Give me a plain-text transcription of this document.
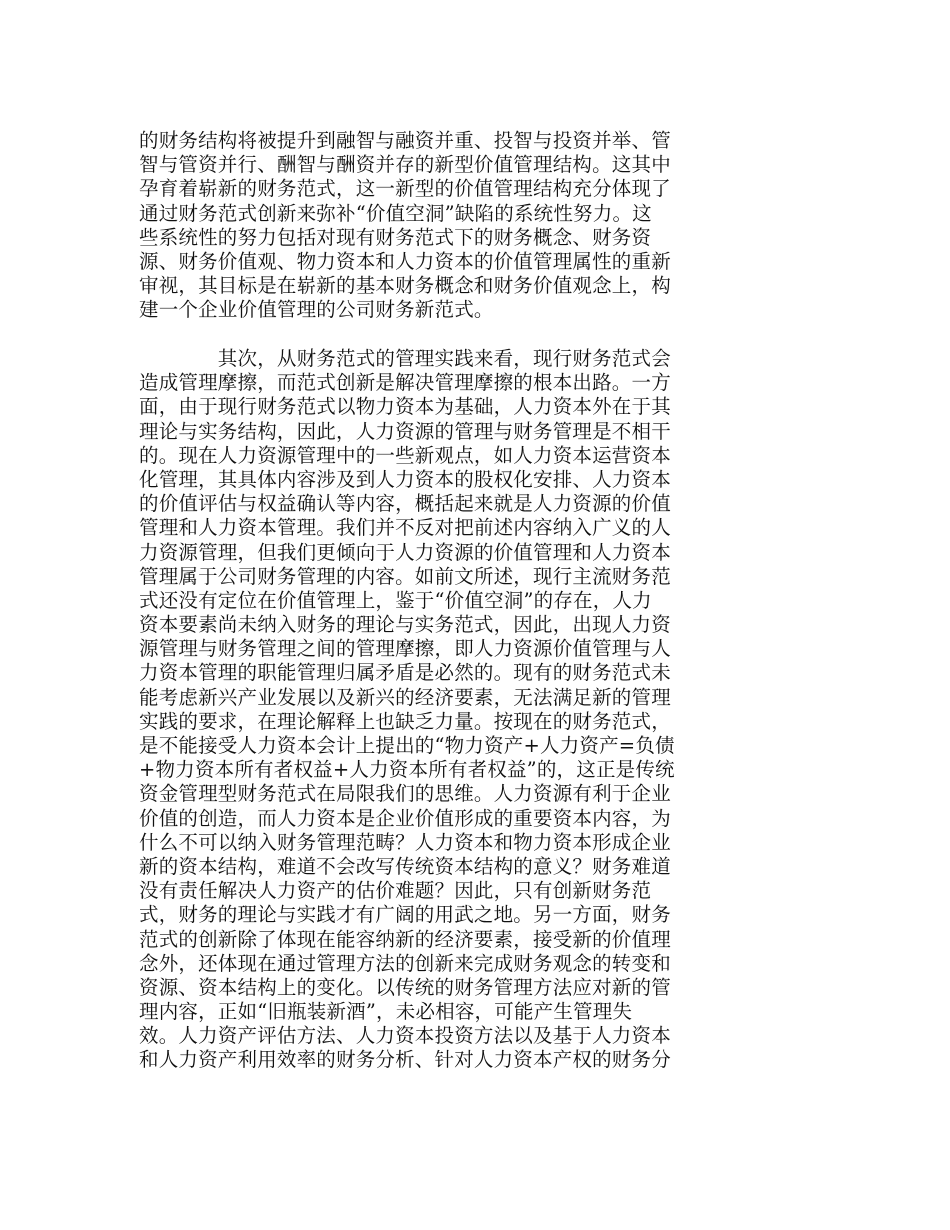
的财务结构将被提升到融智与融资并重、投智与投资并举、管
智与管资并行、酬智与酬资并存的新型价值管理结构。这其中
孕育着崭新的财务范式，这一新型的价值管理结构充分体现了
通过财务范式创新来弥补“价值空洞”缺陷的系统性努力。这
些系统性的努力包括对现有财务范式下的财务概念、财务资
源、财务价值观、物力资本和人力资本的价值管理属性的重新
审视，其目标是在崭新的基本财务概念和财务价值观念上，构
建一个企业价值管理的公司财务新范式。
　　　　其次，从财务范式的管理实践来看，现行财务范式会
造成管理摩擦，而范式创新是解决管理摩擦的根本出路。一方
面，由于现行财务范式以物力资本为基础，人力资本外在于其
理论与实务结构，因此，人力资源的管理与财务管理是不相干
的。现在人力资源管理中的一些新观点，如人力资本运营资本
化管理，其具体内容涉及到人力资本的股权化安排、人力资本
的价值评估与权益确认等内容，概括起来就是人力资源的价值
管理和人力资本管理。我们并不反对把前述内容纳入广义的人
力资源管理，但我们更倾向于人力资源的价值管理和人力资本
管理属于公司财务管理的内容。如前文所述，现行主流财务范
式还没有定位在价值管理上，鉴于“价值空洞”的存在，人力
资本要素尚未纳入财务的理论与实务范式，因此，出现人力资
源管理与财务管理之间的管理摩擦，即人力资源价值管理与人
力资本管理的职能管理归属矛盾是必然的。现有的财务范式未
能考虑新兴产业发展以及新兴的经济要素，无法满足新的管理
实践的要求，在理论解释上也缺乏力量。按现在的财务范式，
是不能接受人力资本会计上提出的“物力资产+人力资产=负债
+物力资本所有者权益+人力资本所有者权益”的，这正是传统
资金管理型财务范式在局限我们的思维。人力资源有利于企业
价值的创造，而人力资本是企业价值形成的重要资本内容，为
什么不可以纳入财务管理范畴？人力资本和物力资本形成企业
新的资本结构，难道不会改写传统资本结构的意义？财务难道
没有责任解决人力资产的估价难题？因此，只有创新财务范
式，财务的理论与实践才有广阔的用武之地。另一方面，财务
范式的创新除了体现在能容纳新的经济要素，接受新的价值理
念外，还体现在通过管理方法的创新来完成财务观念的转变和
资源、资本结构上的变化。以传统的财务管理方法应对新的管
理内容，正如“旧瓶装新酒”，未必相容，可能产生管理失
效。人力资产评估方法、人力资本投资方法以及基于人力资本
和人力资产利用效率的财务分析、针对人力资本产权的财务分
